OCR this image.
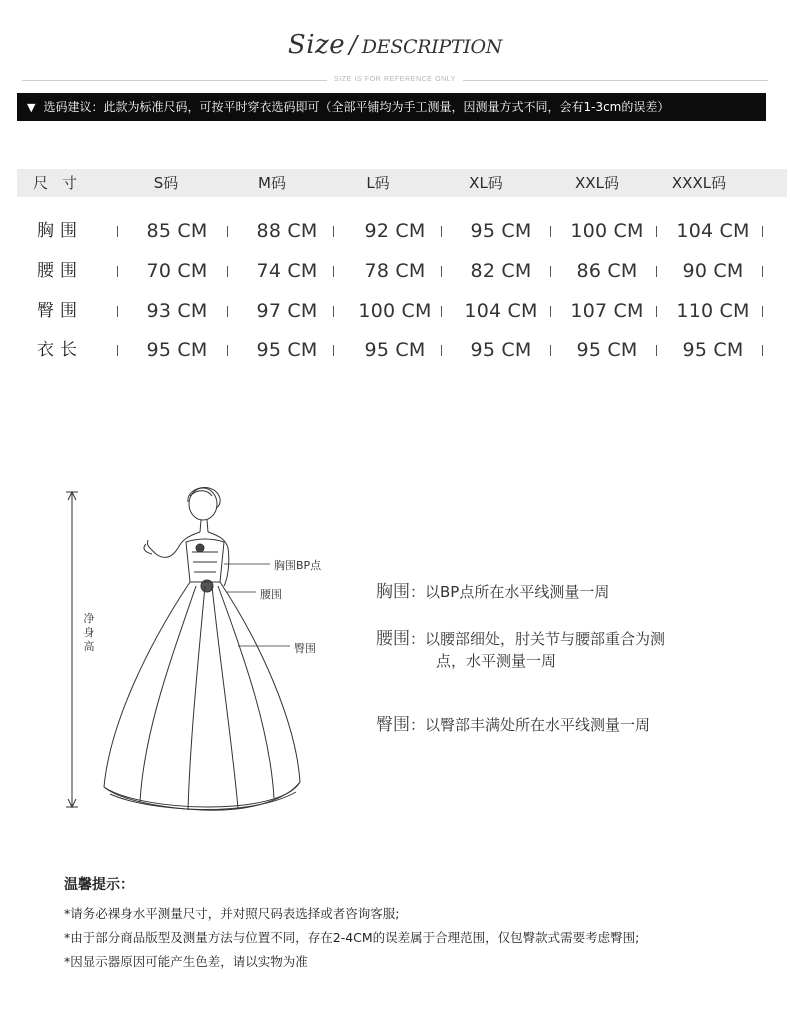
Size / DESCRIPTION
SIZE IS FOR REFERENCE ONLY
▼ 选码建议：此款为标准尺码，可按平时穿衣选码即可（全部平铺均为手工测量，因测量方式不同，会有1-3cm的误差）
尺寸	S码	M码	L码	XL码	XXL码	XXXL码
胸围	85 CM	88 CM	92 CM	95 CM	100 CM	104 CM
腰围	70 CM	74 CM	78 CM	82 CM	86 CM	90 CM
臀围	93 CM	97 CM	100 CM	104 CM	107 CM	110 CM
衣长	95 CM	95 CM	95 CM	95 CM	95 CM	95 CM
净身高
胸围BP点
腰围
臀围
胸围：以BP点所在水平线测量一周
腰围：以腰部细处，肘关节与腰部重合为测
点，水平测量一周
臀围：以臀部丰满处所在水平线测量一周
温馨提示：
*请务必裸身水平测量尺寸，并对照尺码表选择或者咨询客服;
*由于部分商品版型及测量方法与位置不同，存在2-4CM的误差属于合理范围，仅包臀款式需要考虑臀围;
*因显示器原因可能产生色差，请以实物为准
